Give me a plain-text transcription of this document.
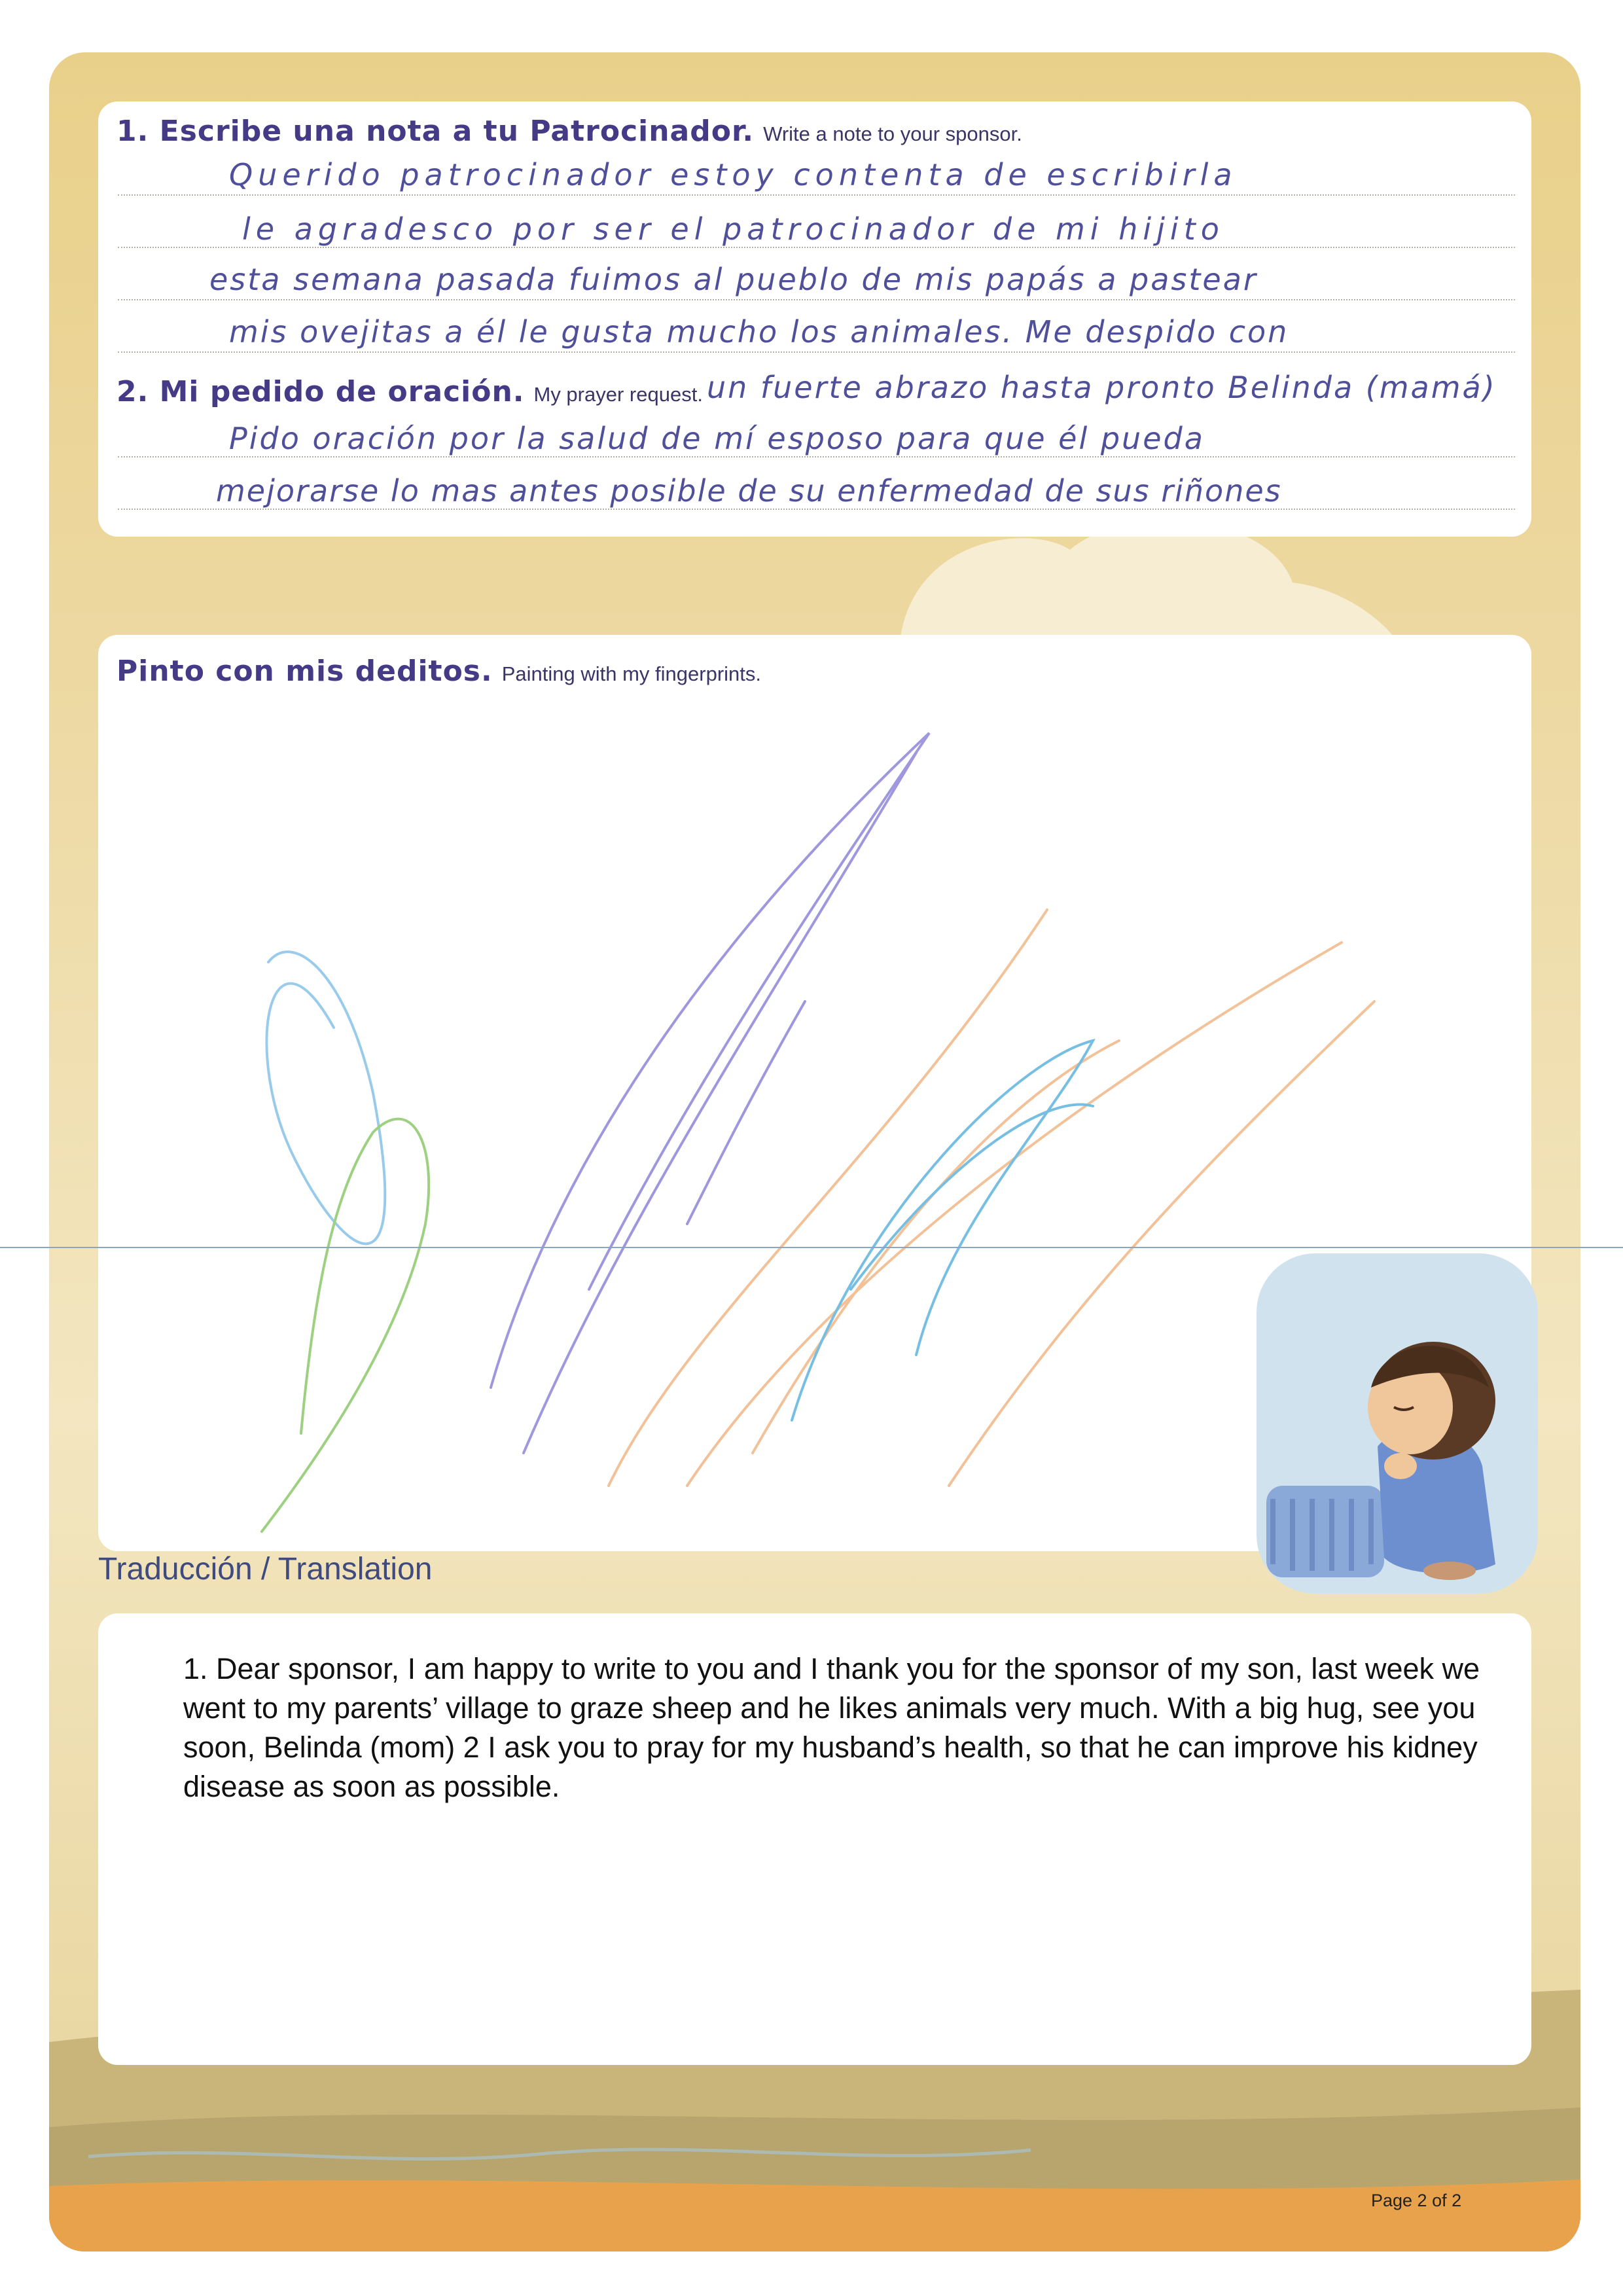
1. Escribe una nota a tu Patrocinador. Write a note to your sponsor.
Querido patrocinador estoy contenta de escribirla
le agradesco por ser el patrocinador de mi hijito
esta semana pasada fuimos al pueblo de mis papás a pastear
mis ovejitas a él le gusta mucho los animales. Me despido con
2. Mi pedido de oración. My prayer request. un fuerte abrazo hasta pronto Belinda (mamá)
Pido oración por la salud de mí esposo para que él pueda
mejorarse lo mas antes posible de su enfermedad de sus riñones
Pinto con mis deditos. Painting with my fingerprints.
1. Dear sponsor, I am happy to write to you and I thank you for the sponsor of my son, last week we went to my parents’ village to graze sheep and he likes animals very much. With a big hug, see you soon, Belinda (mom) 2 I ask you to pray for my husband’s health, so that he can improve his kidney disease as soon as possible.
Traducción / Translation
Page 2 of 2
